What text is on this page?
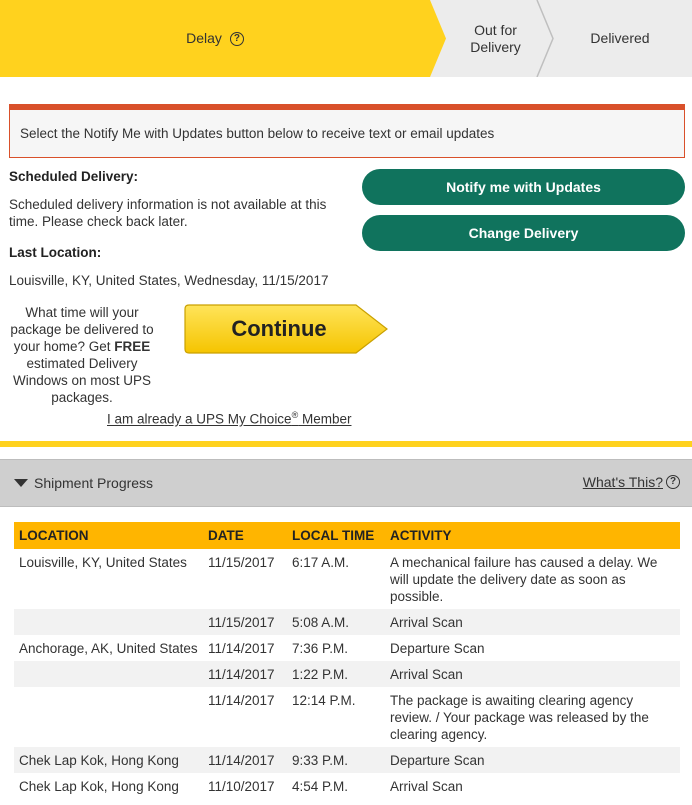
Delay	?
Out for Delivery
Delivered
Select the Notify Me with Updates button below to receive text or email updates
Scheduled Delivery:
Scheduled delivery information is not available at this time. Please check back later.
Last Location:
Louisville, KY, United States, Wednesday, 11/15/2017
Notify me with Updates
Change Delivery
What time will your package be delivered to your home? Get FREE estimated Delivery Windows on most UPS packages.
Continue
I am already a UPS My Choice® Member
Shipment Progress	What's This? ?
LOCATION	DATE	LOCAL TIME	ACTIVITY
Louisville, KY, United States	11/15/2017	6:17 A.M.	A mechanical failure has caused a delay. We will update the delivery date as soon as possible.
	11/15/2017	5:08 A.M.	Arrival Scan
Anchorage, AK, United States	11/14/2017	7:36 P.M.	Departure Scan
	11/14/2017	1:22 P.M.	Arrival Scan
	11/14/2017	12:14 P.M.	The package is awaiting clearing agency review. / Your package was released by the clearing agency.
Chek Lap Kok, Hong Kong	11/14/2017	9:33 P.M.	Departure Scan
Chek Lap Kok, Hong Kong	11/10/2017	4:54 P.M.	Arrival Scan
